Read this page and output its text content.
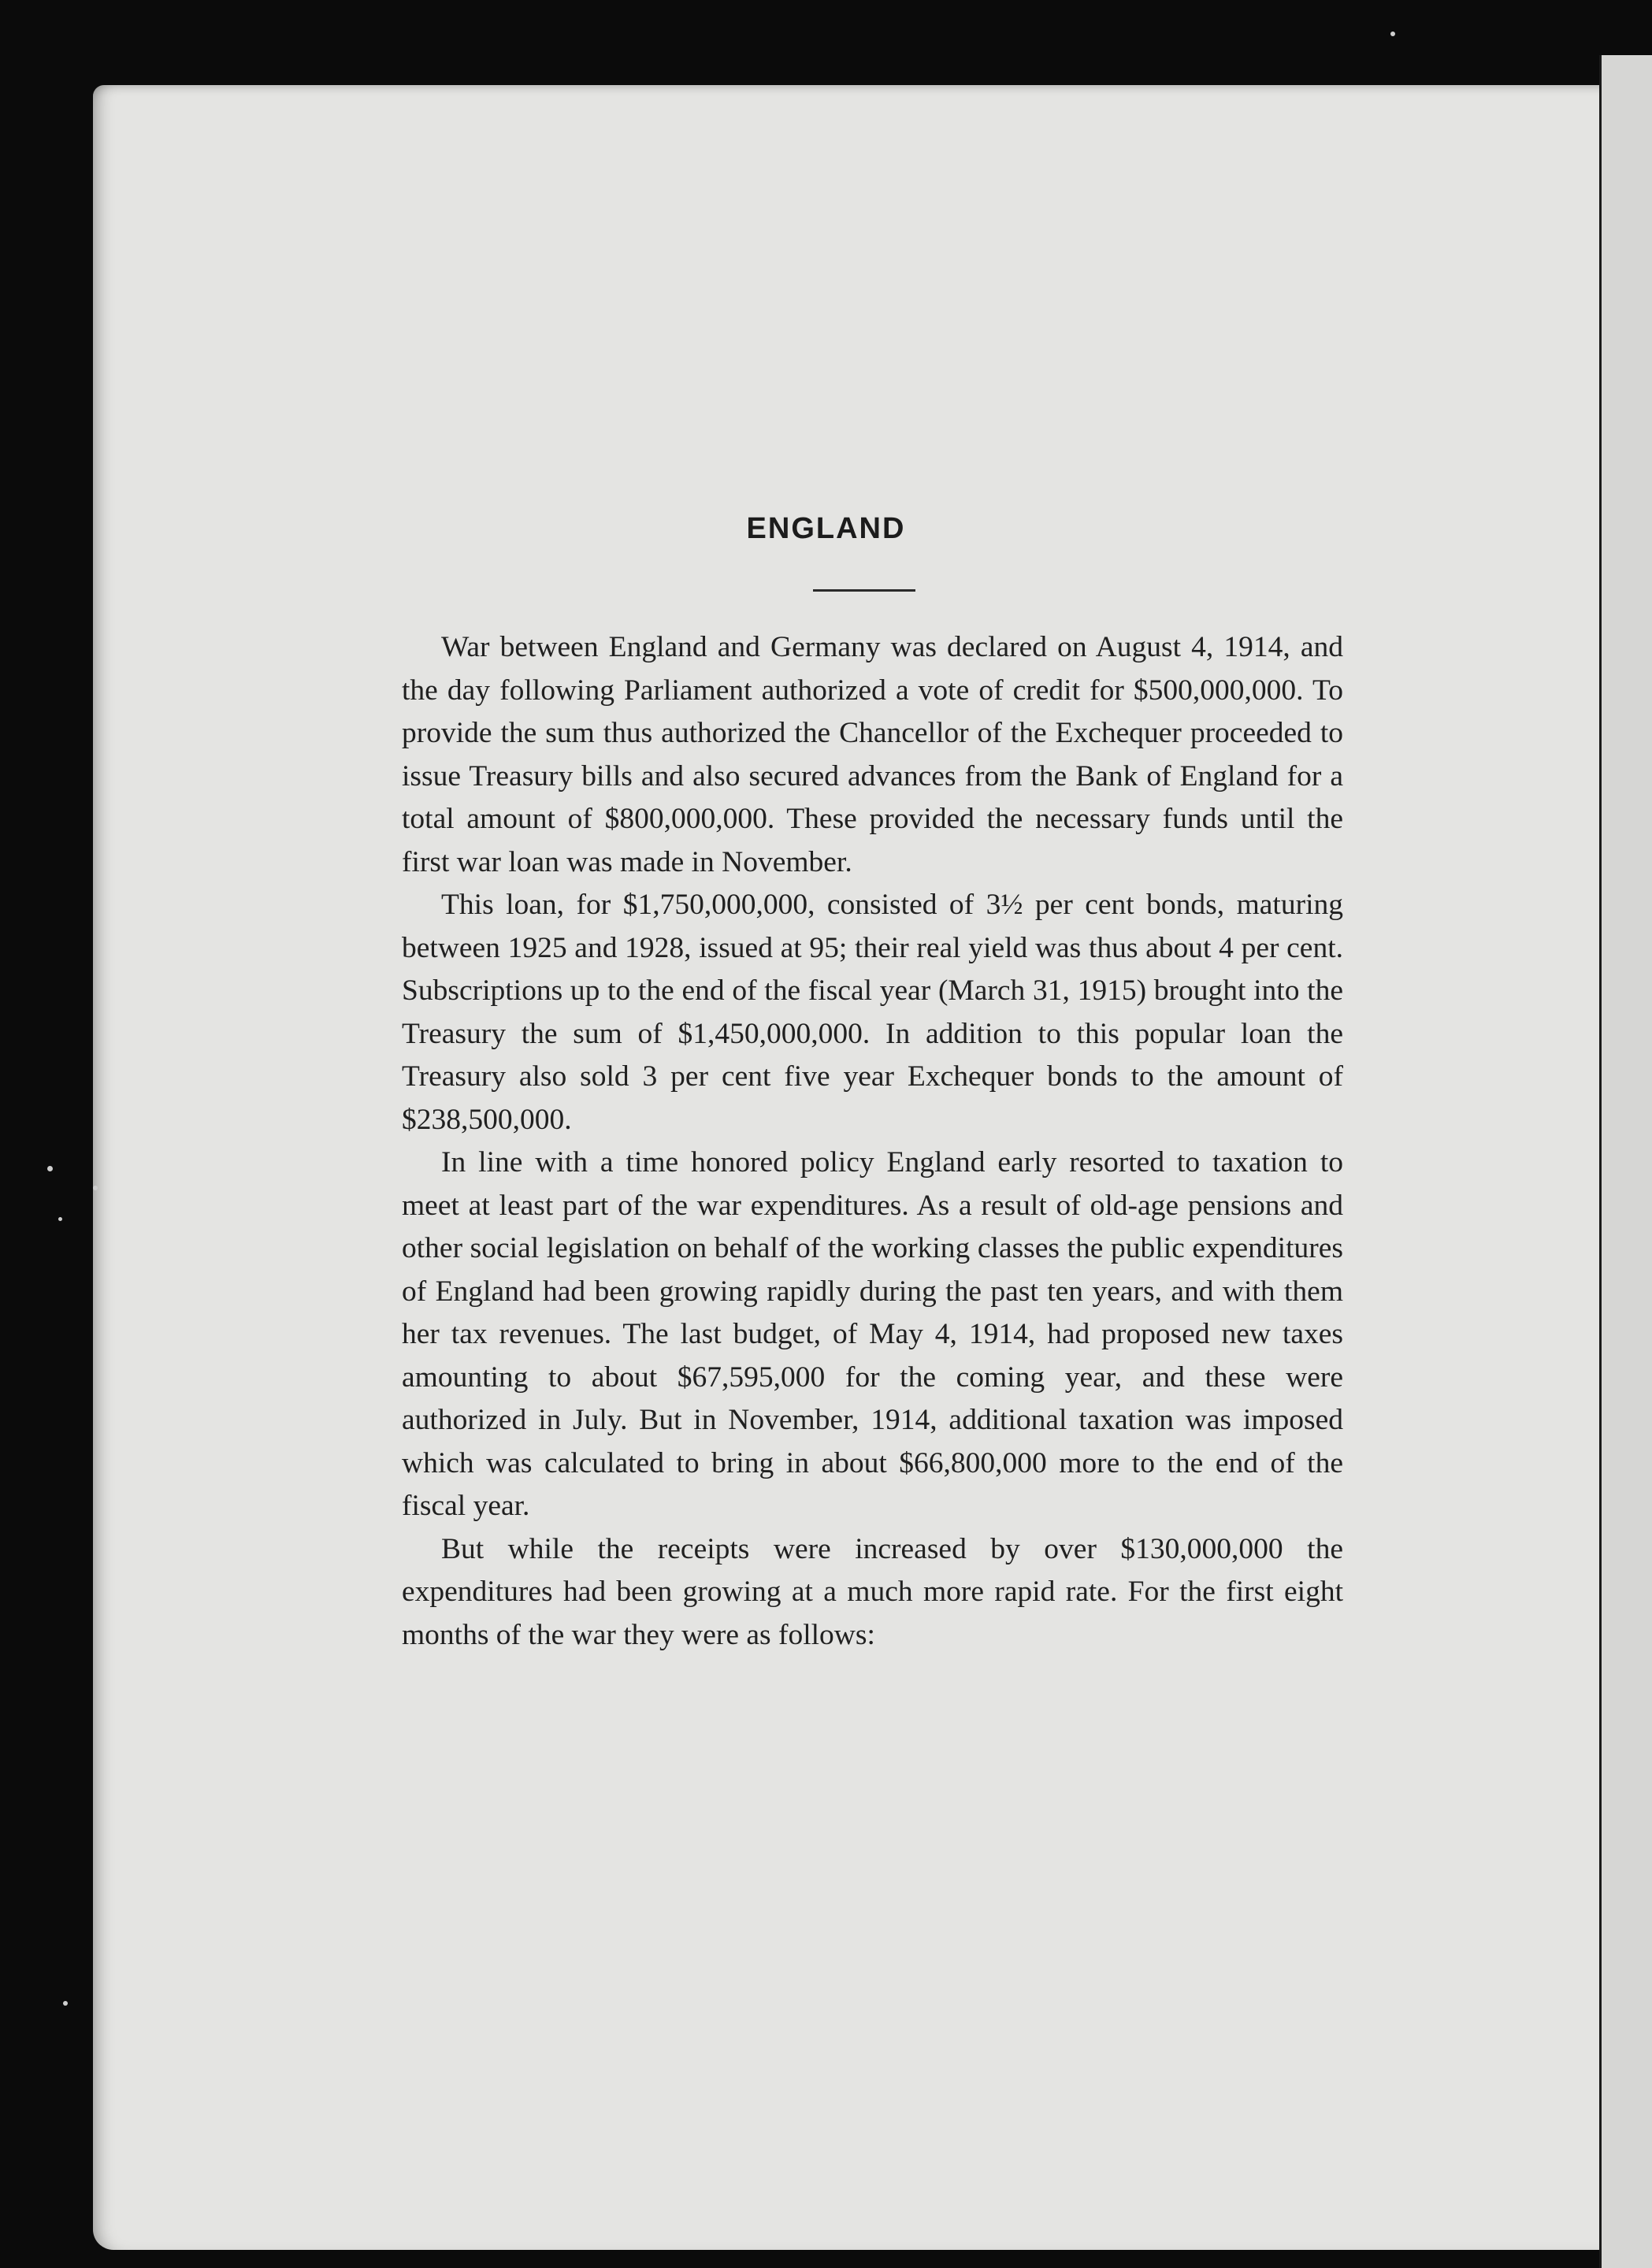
ENGLAND

War between England and Germany was declared on August 4, 1914, and the day following Parliament authorized a vote of credit for $500,000,000. To provide the sum thus authorized the Chancellor of the Exchequer proceeded to issue Treasury bills and also secured advances from the Bank of England for a total amount of $800,000,000. These provided the necessary funds until the first war loan was made in November.

This loan, for $1,750,000,000, consisted of 3½ per cent bonds, maturing between 1925 and 1928, issued at 95; their real yield was thus about 4 per cent. Subscriptions up to the end of the fiscal year (March 31, 1915) brought into the Treasury the sum of $1,450,000,000. In addition to this popular loan the Treasury also sold 3 per cent five year Exchequer bonds to the amount of $238,500,000.

In line with a time honored policy England early resorted to taxation to meet at least part of the war expenditures. As a result of old-age pensions and other social legislation on behalf of the working classes the public expenditures of England had been growing rapidly during the past ten years, and with them her tax revenues. The last budget, of May 4, 1914, had proposed new taxes amounting to about $67,595,000 for the coming year, and these were authorized in July. But in November, 1914, additional taxation was imposed which was calculated to bring in about $66,800,000 more to the end of the fiscal year.

But while the receipts were increased by over $130,000,000 the expenditures had been growing at a much more rapid rate. For the first eight months of the war they were as follows:
